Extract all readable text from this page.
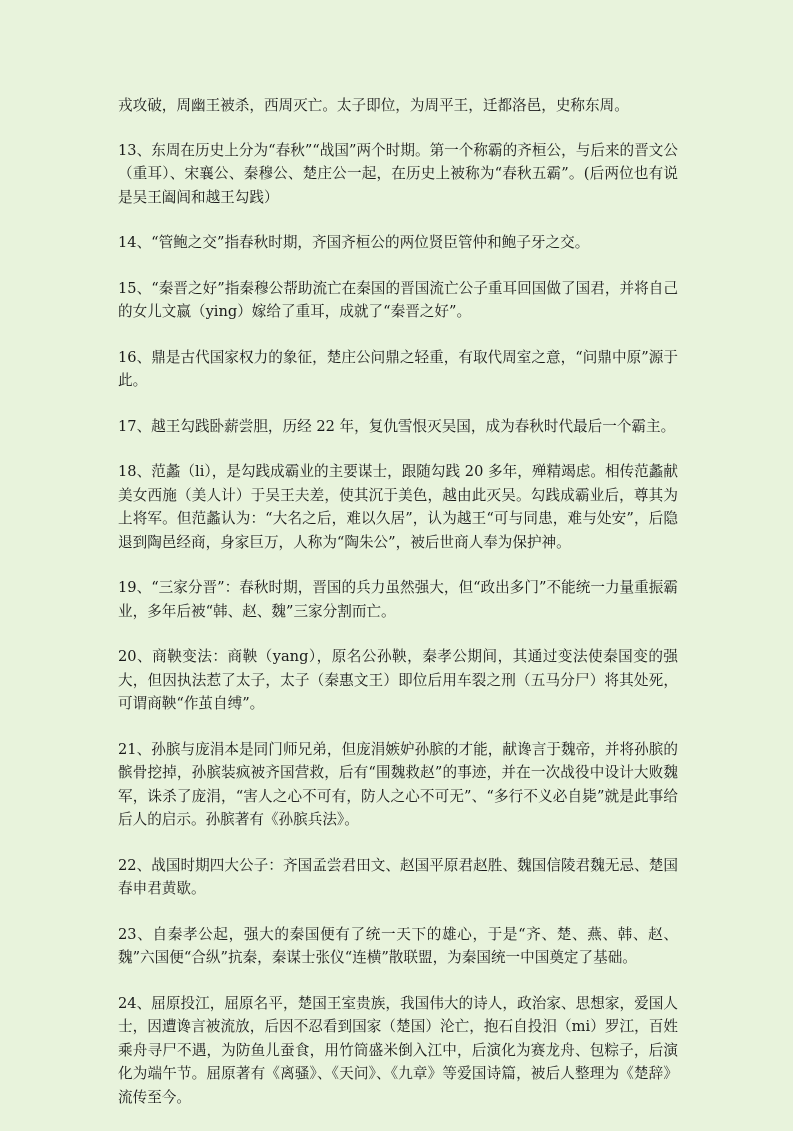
戎攻破，周幽王被杀，西周灭亡。太子即位，为周平王，迁都洛邑，史称东周。

13、东周在历史上分为“春秋”“战国”两个时期。第一个称霸的齐桓公，与后来的晋文公（重耳）、宋襄公、秦穆公、楚庄公一起，在历史上被称为“春秋五霸”。(后两位也有说是吴王阖闾和越王勾践）

14、“管鲍之交”指春秋时期，齐国齐桓公的两位贤臣管仲和鲍子牙之交。

15、“秦晋之好”指秦穆公帮助流亡在秦国的晋国流亡公子重耳回国做了国君，并将自己的女儿文嬴（ying）嫁给了重耳，成就了“秦晋之好”。

16、鼎是古代国家权力的象征，楚庄公问鼎之轻重，有取代周室之意，“问鼎中原”源于此。

17、越王勾践卧薪尝胆，历经 22 年，复仇雪恨灭吴国，成为春秋时代最后一个霸主。

18、范蠡（li），是勾践成霸业的主要谋士，跟随勾践 20 多年，殚精竭虑。相传范蠡献美女西施（美人计）于吴王夫差，使其沉于美色，越由此灭吴。勾践成霸业后，尊其为上将军。但范蠡认为：“大名之后，难以久居”，认为越王“可与同患，难与处安”，后隐退到陶邑经商，身家巨万，人称为“陶朱公”，被后世商人奉为保护神。

19、“三家分晋”：春秋时期，晋国的兵力虽然强大，但“政出多门”不能统一力量重振霸业，多年后被“韩、赵、魏”三家分割而亡。

20、商鞅变法：商鞅（yang），原名公孙鞅，秦孝公期间，其通过变法使秦国变的强大，但因执法惹了太子，太子（秦惠文王）即位后用车裂之刑（五马分尸）将其处死，可谓商鞅“作茧自缚”。

21、孙膑与庞涓本是同门师兄弟，但庞涓嫉妒孙膑的才能，献谗言于魏帝，并将孙膑的髌骨挖掉，孙膑装疯被齐国营救，后有“围魏救赵”的事迹，并在一次战役中设计大败魏军，诛杀了庞涓，“害人之心不可有，防人之心不可无”、“多行不义必自毙”就是此事给后人的启示。孙膑著有《孙膑兵法》。

22、战国时期四大公子：齐国孟尝君田文、赵国平原君赵胜、魏国信陵君魏无忌、楚国春申君黄歇。

23、自秦孝公起，强大的秦国便有了统一天下的雄心，于是“齐、楚、燕、韩、赵、魏”六国便“合纵”抗秦，秦谋士张仪“连横”散联盟，为秦国统一中国奠定了基础。

24、屈原投江，屈原名平，楚国王室贵族，我国伟大的诗人，政治家、思想家，爱国人士，因遭谗言被流放，后因不忍看到国家（楚国）沦亡，抱石自投汨（mi）罗江，百姓乘舟寻尸不遇，为防鱼儿蚕食，用竹筒盛米倒入江中，后演化为赛龙舟、包粽子，后演化为端午节。屈原著有《离骚》、《天问》、《九章》等爱国诗篇，被后人整理为《楚辞》流传至今。
